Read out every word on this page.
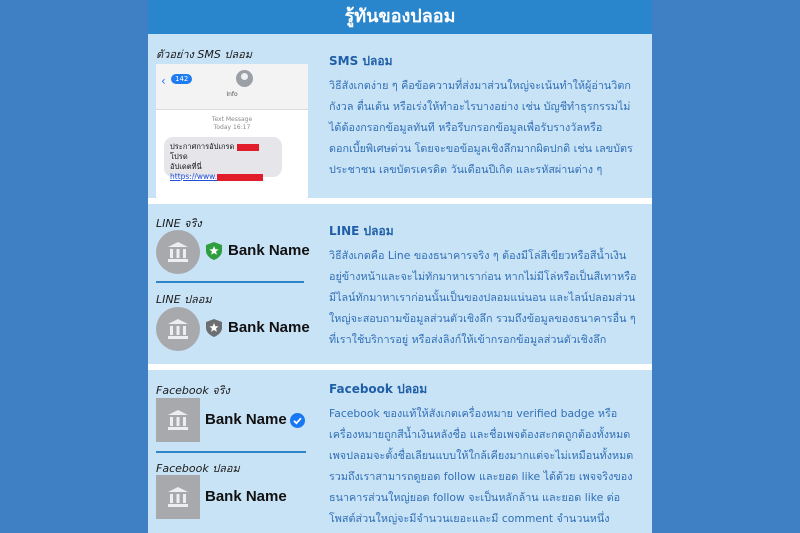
รู้ทันของปลอม
ตัวอย่าง SMS ปลอม
‹	142
Info
Text Message
Today 16:17
ประกาศการอัปเกรด  โปรด
อัปเดตที่นี่
https://www.
SMS ปลอม
วิธีสังเกตง่าย ๆ คือข้อความที่ส่งมาส่วนใหญ่จะเน้นทำให้ผู้อ่านวิตกกังวล ตื่นเต้น หรือเร่งให้ทำอะไรบางอย่าง เช่น บัญชีทำธุรกรรมไม่ได้ต้องกรอกข้อมูลทันที หรือรีบกรอกข้อมูลเพื่อรับรางวัลหรือดอกเบี้ยพิเศษด่วน โดยจะขอข้อมูลเชิงลึกมากผิดปกติ เช่น เลขบัตรประชาชน เลขบัตรเครดิต วันเดือนปีเกิด และรหัสผ่านต่าง ๆ
LINE จริง
Bank Name
LINE ปลอม
Bank Name
LINE ปลอม
วิธีสังเกตคือ Line ของธนาคารจริง ๆ ต้องมีโล่สีเขียวหรือสีน้ำเงินอยู่ข้างหน้าและจะไม่ทักมาหาเราก่อน หากไม่มีโล่หรือเป็นสีเทาหรือมีไลน์ทักมาหาเราก่อนนั้นเป็นของปลอมแน่นอน และไลน์ปลอมส่วนใหญ่จะสอบถามข้อมูลส่วนตัวเชิงลึก รวมถึงข้อมูลของธนาคารอื่น ๆ ที่เราใช้บริการอยู่ หรือส่งลิงก์ให้เข้ากรอกข้อมูลส่วนตัวเชิงลึก
Facebook จริง
Bank Name
Facebook ปลอม
Bank Name
Facebook ปลอม
Facebook ของแท้ให้สังเกตเครื่องหมาย verified badge หรือเครื่องหมายถูกสีน้ำเงินหลังชื่อ และชื่อเพจต้องสะกดถูกต้องทั้งหมด เพจปลอมจะตั้งชื่อเลียนแบบให้ใกล้เคียงมากแต่จะไม่เหมือนทั้งหมด รวมถึงเราสามารถดูยอด follow และยอด like ได้ด้วย เพจจริงของธนาคารส่วนใหญ่ยอด follow จะเป็นหลักล้าน และยอด like ต่อโพสต์ส่วนใหญ่จะมีจำนวนเยอะและมี comment จำนวนหนึ่ง
